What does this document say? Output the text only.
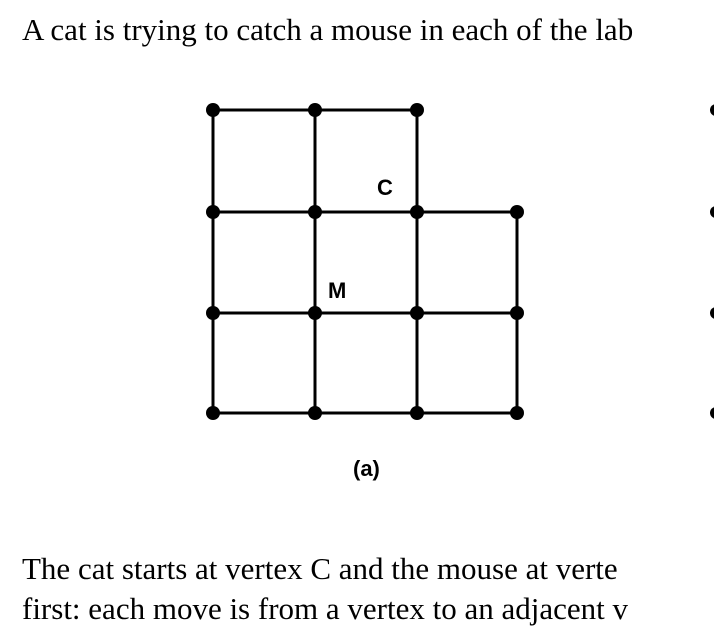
A cat is trying to catch a mouse in each of the lab
C
M
(a)
The cat starts at vertex C and the mouse at verte
first: each move is from a vertex to an adjacent v
